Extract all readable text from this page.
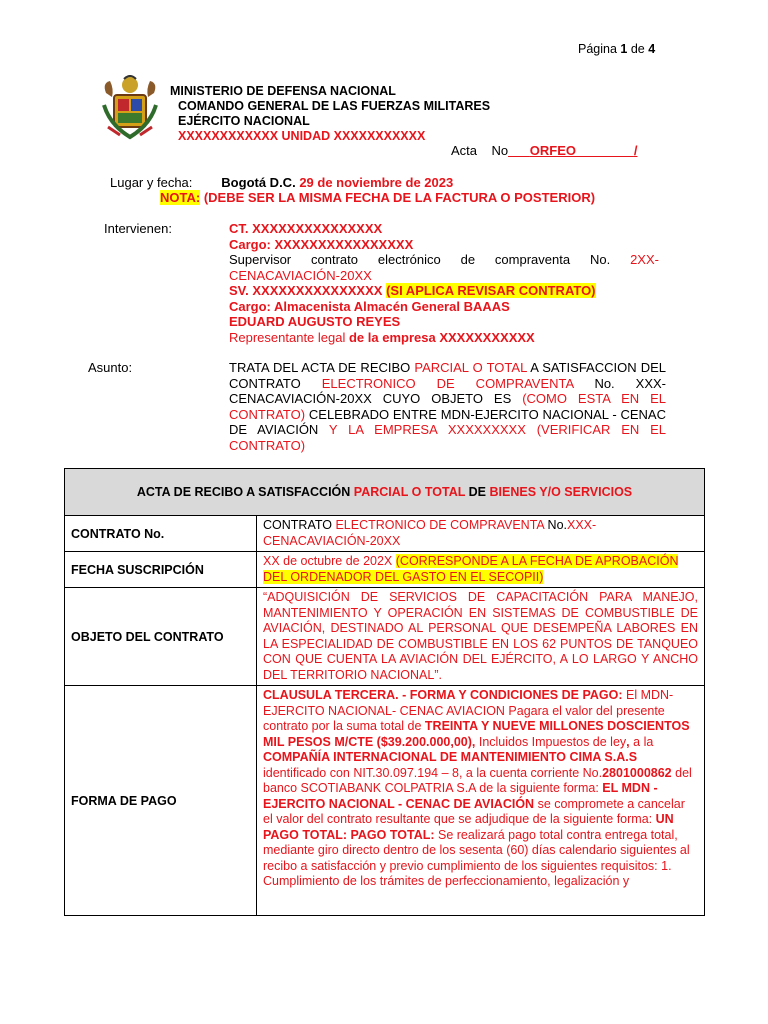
Página 1 de 4
MINISTERIO DE DEFENSA NACIONAL
COMANDO GENERAL DE LAS FUERZAS MILITARES
EJÉRCITO NACIONAL
XXXXXXXXXXXX UNIDAD XXXXXXXXXXX
Acta No___ORFEO________/
Lugar y fecha: Bogotá D.C. 29 de noviembre de 2023
NOTA: (DEBE SER LA MISMA FECHA DE LA FACTURA O POSTERIOR)
Intervienen:	CT. XXXXXXXXXXXXXXX
Cargo: XXXXXXXXXXXXXXXX
Supervisor contrato electrónico de compraventa No. 2XX-CENACAVIACIÓN-20XX
SV. XXXXXXXXXXXXXXX (SI APLICA REVISAR CONTRATO)
Cargo: Almacenista Almacén General BAAAS
EDUARD AUGUSTO REYES
Representante legal de la empresa XXXXXXXXXXX
Asunto:	TRATA DEL ACTA DE RECIBO PARCIAL O TOTAL A SATISFACCION DEL CONTRATO ELECTRONICO DE COMPRAVENTA No. XXX-CENACAVIACIÓN-20XX CUYO OBJETO ES (COMO ESTA EN EL CONTRATO) CELEBRADO ENTRE MDN-EJERCITO NACIONAL - CENAC DE AVIACIÓN Y LA EMPRESA XXXXXXXXX (VERIFICAR EN EL CONTRATO)
ACTA DE RECIBO A SATISFACCIÓN PARCIAL O TOTAL DE BIENES Y/O SERVICIOS	
CONTRATO No.	CONTRATO ELECTRONICO DE COMPRAVENTA No.XXX-CENACAVIACIÓN-20XX
FECHA SUSCRIPCIÓN	XX de octubre de 202X (CORRESPONDE A LA FECHA DE APROBACIÓN DEL ORDENADOR DEL GASTO EN EL SECOPII)
OBJETO DEL CONTRATO	“ADQUISICIÓN DE SERVICIOS DE CAPACITACIÓN PARA MANEJO, MANTENIMIENTO Y OPERACIÓN EN SISTEMAS DE COMBUSTIBLE DE AVIACIÓN, DESTINADO AL PERSONAL QUE DESEMPEÑA LABORES EN LA ESPECIALIDAD DE COMBUSTIBLE EN LOS 62 PUNTOS DE TANQUEO CON QUE CUENTA LA AVIACIÓN DEL EJÉRCITO, A LO LARGO Y ANCHO DEL TERRITORIO NACIONAL”.
FORMA DE PAGO	CLAUSULA TERCERA. - FORMA Y CONDICIONES DE PAGO: El MDN- EJERCITO NACIONAL- CENAC AVIACION Pagara el valor del presente contrato por la suma total de TREINTA Y NUEVE MILLONES DOSCIENTOS MIL PESOS M/CTE ($39.200.000,00), Incluidos Impuestos de ley, a la COMPAÑÍA INTERNACIONAL DE MANTENIMIENTO CIMA S.A.S identificado con NIT.30.097.194 – 8, a la cuenta corriente No.2801000862 del banco SCOTIABANK COLPATRIA S.A de la siguiente forma: EL MDN - EJERCITO NACIONAL - CENAC DE AVIACIÓN se compromete a cancelar el valor del contrato resultante que se adjudique de la siguiente forma: UN PAGO TOTAL: PAGO TOTAL: Se realizará pago total contra entrega total, mediante giro directo dentro de los sesenta (60) días calendario siguientes al recibo a satisfacción y previo cumplimiento de los siguientes requisitos: 1. Cumplimiento de los trámites de perfeccionamiento, legalización y
